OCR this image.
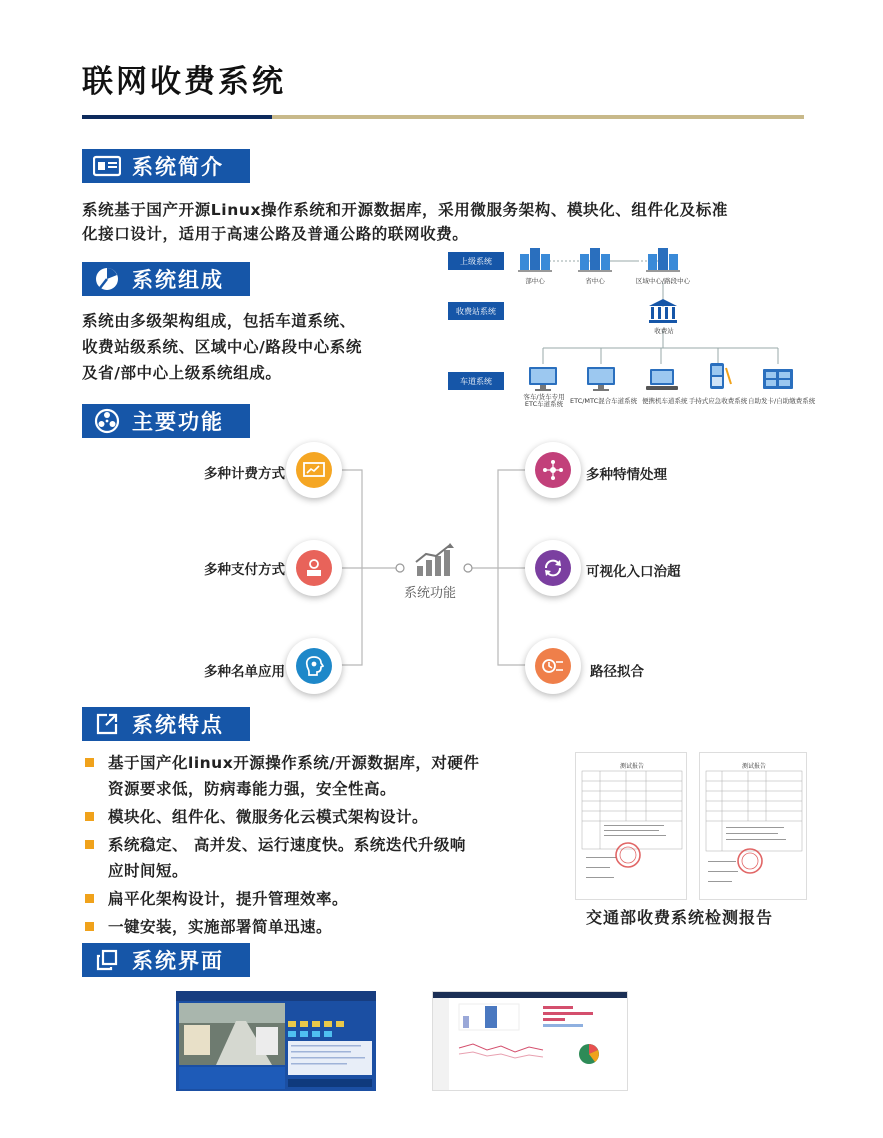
联网收费系统
系统简介
系统基于国产开源Linux操作系统和开源数据库，采用微服务架构、模块化、组件化及标准
化接口设计，适用于高速公路及普通公路的联网收费。
系统组成
系统由多级架构组成，包括车道系统、
收费站级系统、区域中心/路段中心系统
及省/部中心上级系统组成。
上级系统
收费站系统
车道系统
部中心	省中心	区域中心/路段中心
收费站
客车/货车专用
ETC车道系统	ETC/MTC混合车道系统 便携机车道系统 手持式应急收费系统 自助发卡/自助缴费系统
主要功能
系统功能
多种计费方式
多种支付方式
多种名单应用
多种特情处理
可视化入口治超
路径拟合
系统特点
基于国产化linux开源操作系统/开源数据库，对硬件
资源要求低，防病毒能力强，安全性高。
模块化、组件化、微服务化云模式架构设计。
系统稳定、 高并发、运行速度快。系统迭代升级响
应时间短。
扁平化架构设计，提升管理效率。
一键安装，实施部署简单迅速。
测试报告	测试报告
交通部收费系统检测报告
系统界面
